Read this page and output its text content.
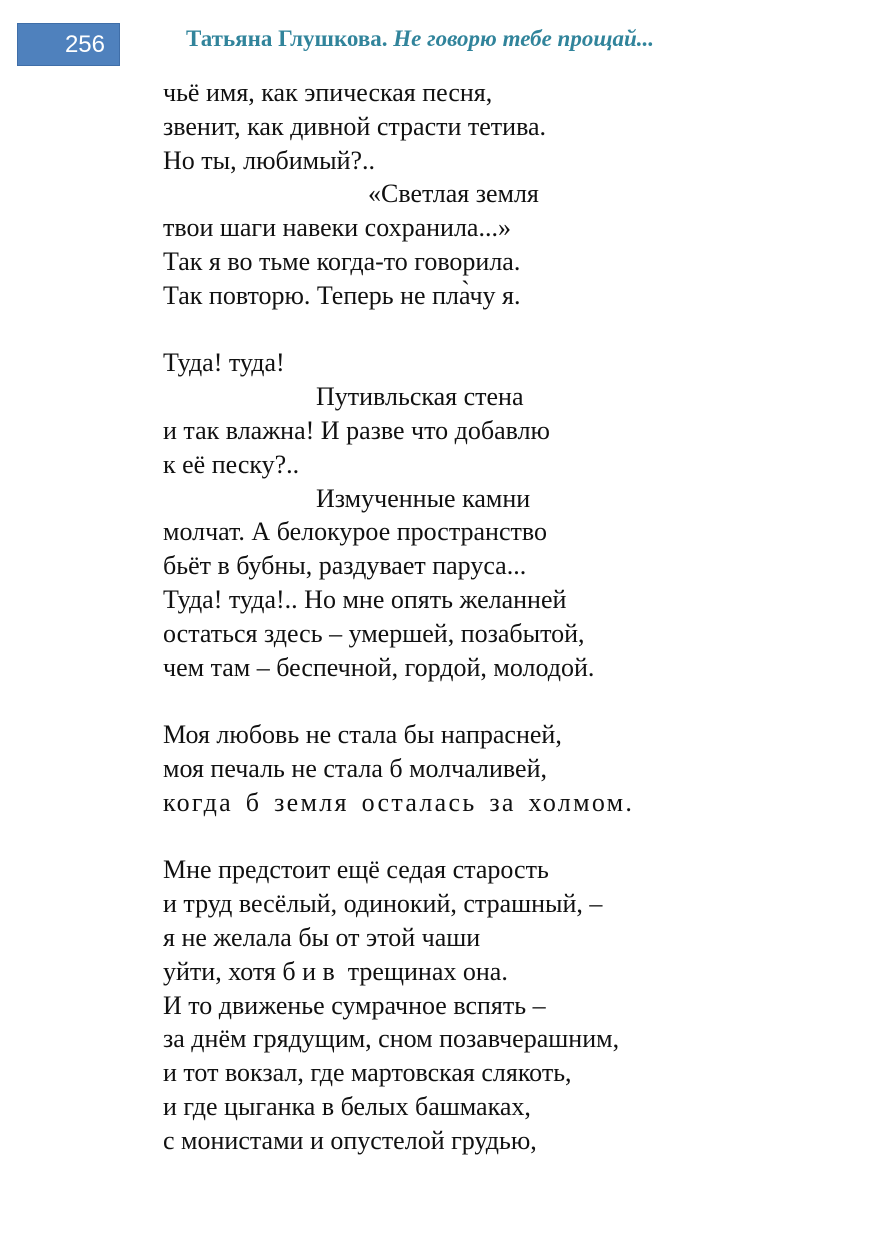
256	Татьяна Глушкова. Не говорю тебе прощай...
чьё имя, как эпическая песня,
звенит, как дивной страсти тетива.
Но ты, любимый?..
«Светлая земля
твои шаги навеки сохранила...»
Так я во тьме когда-то говорила.
Так повторю. Теперь не пла̀чу я.
Туда! туда!
Путивльская стена
и так влажна! И разве что добавлю
к её песку?..
Измученные камни
молчат. А белокурое пространство
бьёт в бубны, раздувает паруса...
Туда! туда!.. Но мне опять желанней
остаться здесь – умершей, позабытой,
чем там – беспечной, гордой, молодой.
Моя любовь не стала бы напрасней,
моя печаль не стала б молчаливей,
когда б земля осталась за холмом.
Мне предстоит ещё седая старость
и труд весёлый, одинокий, страшный, –
я не желала бы от этой чаши
уйти, хотя б и в  трещинах она.
И то движенье сумрачное вспять –
за днём грядущим, сном позавчерашним,
и тот вокзал, где мартовская слякоть,
и где цыганка в белых башмаках,
с монистами и опустелой грудью,
